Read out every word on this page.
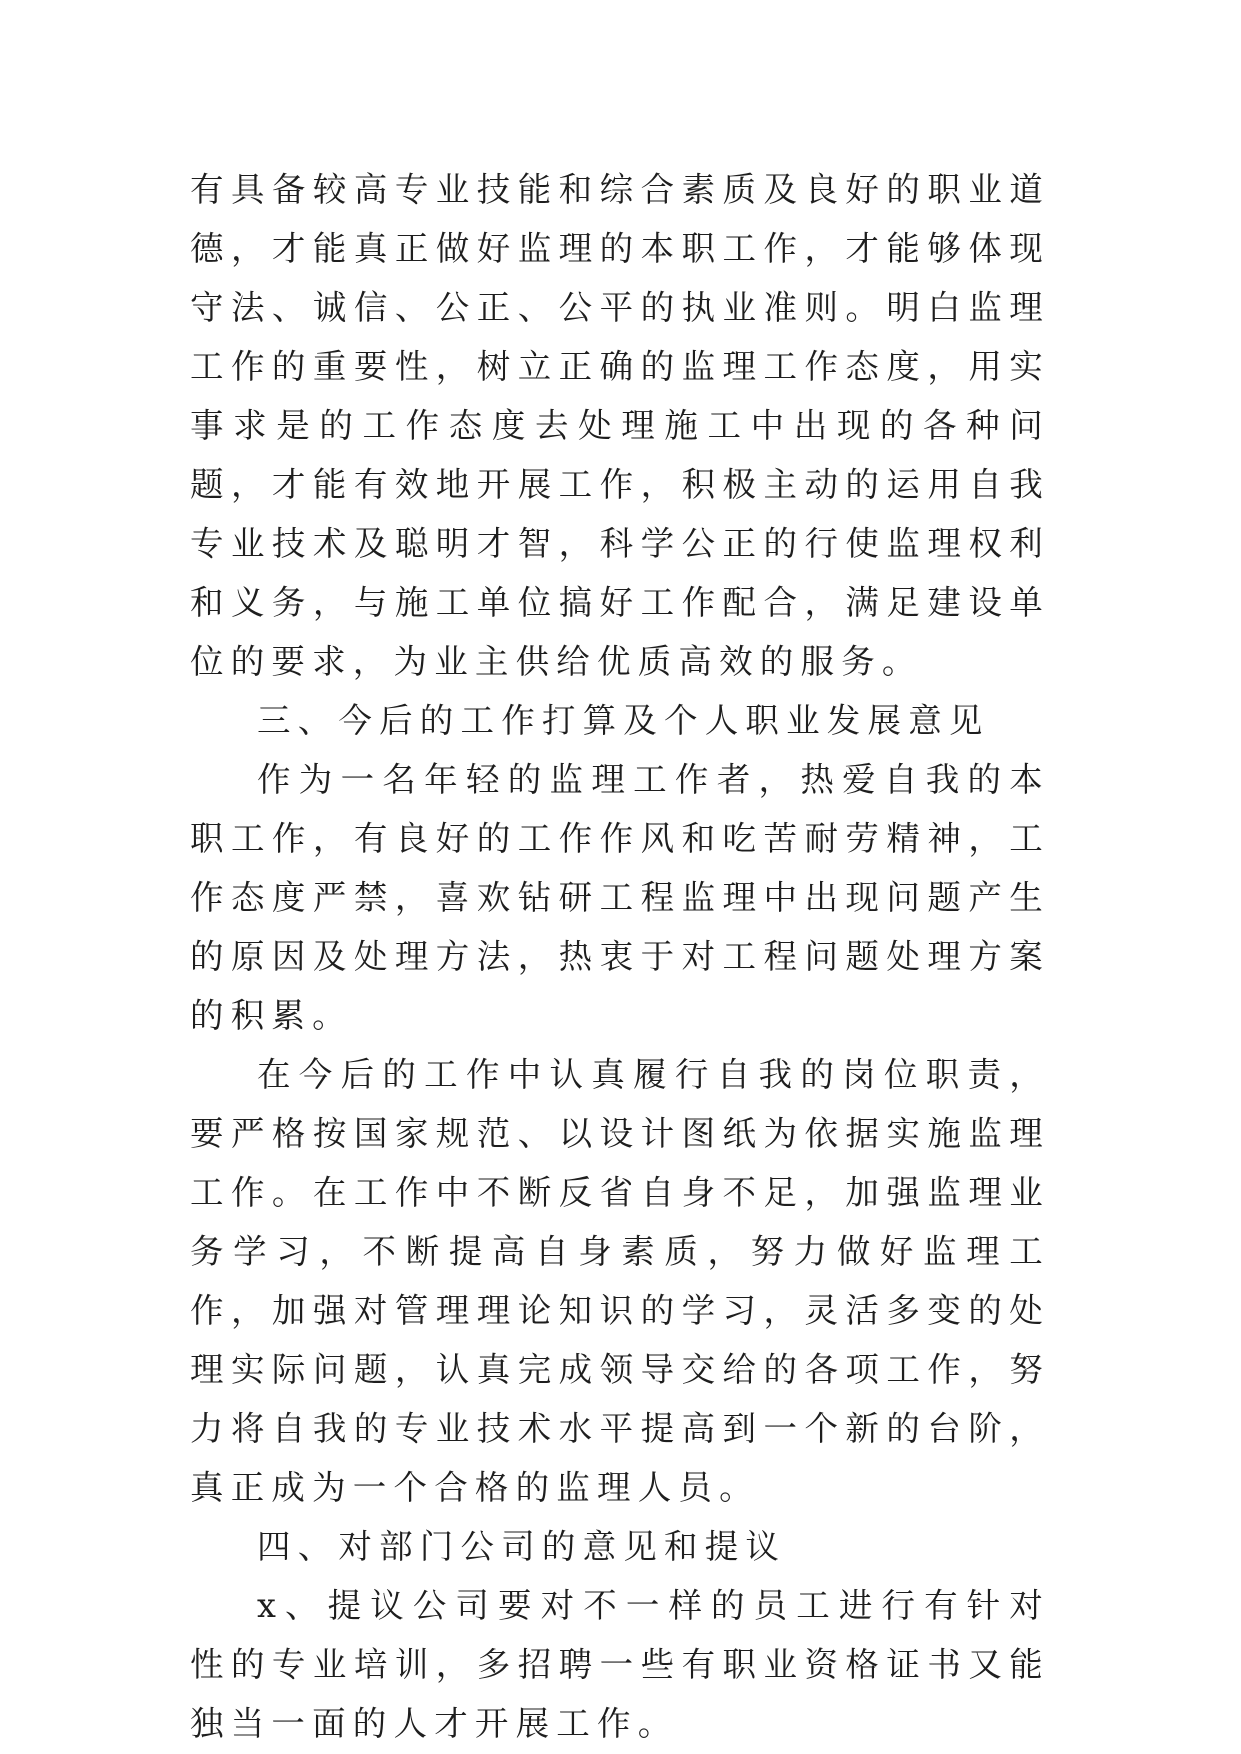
有具备较高专业技能和综合素质及良好的职业道德，才能真正做好监理的本职工作，才能够体现守法、诚信、公正、公平的执业准则。明白监理工作的重要性，树立正确的监理工作态度，用实事求是的工作态度去处理施工中出现的各种问题，才能有效地开展工作，积极主动的运用自我专业技术及聪明才智，科学公正的行使监理权利和义务，与施工单位搞好工作配合，满足建设单位的要求，为业主供给优质高效的服务。

三、今后的工作打算及个人职业发展意见

作为一名年轻的监理工作者，热爱自我的本职工作，有良好的工作作风和吃苦耐劳精神，工作态度严禁，喜欢钻研工程监理中出现问题产生的原因及处理方法，热衷于对工程问题处理方案的积累。

在今后的工作中认真履行自我的岗位职责，要严格按国家规范、以设计图纸为依据实施监理工作。在工作中不断反省自身不足，加强监理业务学习，不断提高自身素质，努力做好监理工作，加强对管理理论知识的学习，灵活多变的处理实际问题，认真完成领导交给的各项工作，努力将自我的专业技术水平提高到一个新的台阶，真正成为一个合格的监理人员。

四、对部门公司的意见和提议

x、提议公司要对不一样的员工进行有针对性的专业培训，多招聘一些有职业资格证书又能独当一面的人才开展工作。
